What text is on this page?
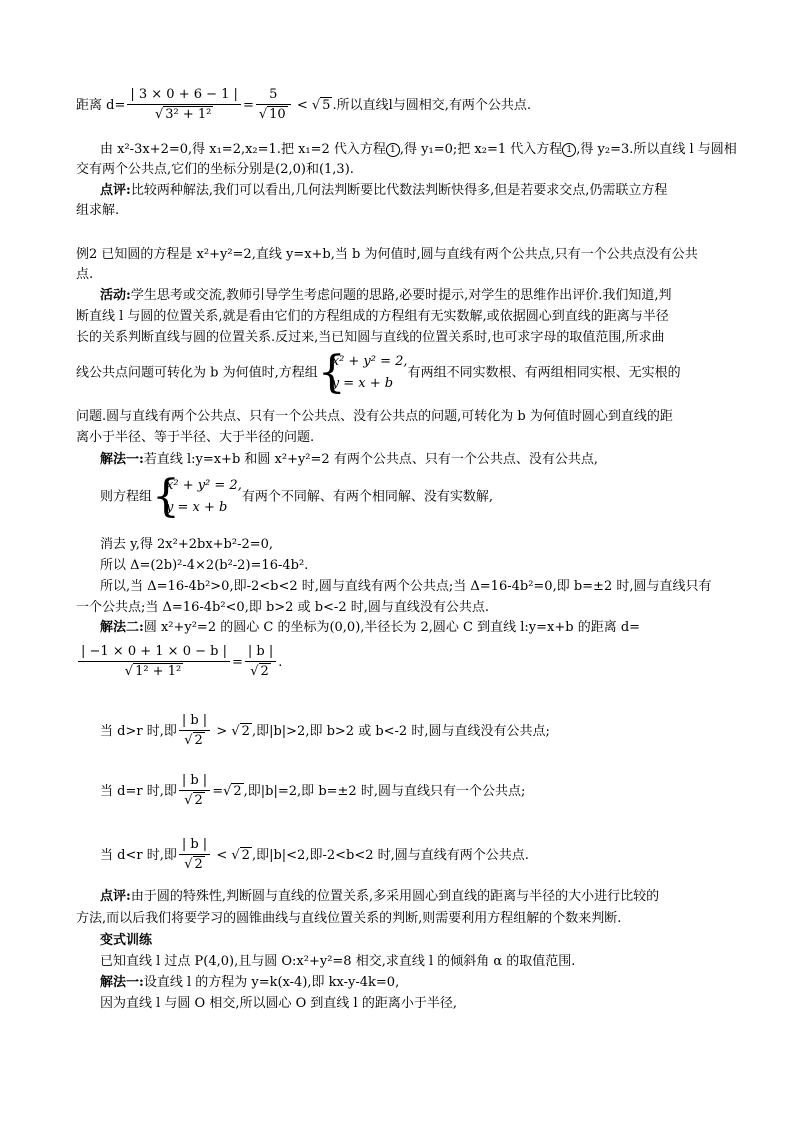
距离 $d= \frac{| 3 \times 0 + 6 - 1 |}{\text{√ 3² + 1²}} = \frac{5}{√ 10}$ < √ 5 .所以直线l与圆相交,有两个公共点.
由 x²-3x+2=0,得 x₁=2,x₂=1.把 x₁=2 代入方程 1 ,得 y₁=0;把 x₂=1 代入方程 1 ,得 y₂=3.所以直线 l 与圆相
交有两个公共点,它们的坐标分别是(2,0)和(1,3).
点评:比较两种解法,我们可以看出,几何法判断要比代数法判断快得多,但是若要求交点,仍需联立方程
组求解.
例2 已知圆的方程是 x²+y²=2,直线 y=x+b,当 b 为何值时,圆与直线有两个公共点,只有一个公共点没有公共
点.
活动:学生思考或交流,教师引导学生考虑问题的思路,必要时提示,对学生的思维作出评价.我们知道,判
断直线 l 与圆的位置关系,就是看由它们的方程组成的方程组有无实数解,或依据圆心到直线的距离与半径
长的关系判断直线与圆的位置关系.反过来,当已知圆与直线的位置关系时,也可求字母的取值范围,所求曲
线公共点问题可转化为 b 为何值时,方程组 {
x² + y² = 2,
y = x + b
有两组不同实数根、有两组相同实根、无实根的
问题.圆与直线有两个公共点、只有一个公共点、没有公共点的问题,可转化为 b 为何值时圆心到直线的距
离小于半径、等于半径、大于半径的问题.
解法一:若直线 l:y=x+b 和圆 x²+y²=2 有两个公共点、只有一个公共点、没有公共点,
则方程组 {
x² + y² = 2,
y = x + b
有两个不同解、有两个相同解、没有实数解,
消去 y,得 2x²+2bx+b²-2=0,
所以 Δ=(2b)²-4×2(b²-2)=16-4b².
所以,当 Δ=16-4b²>0,即-2<b<2 时,圆与直线有两个公共点;当 Δ=16-4b²=0,即 b=±2 时,圆与直线只有
一个公共点;当 Δ=16-4b²<0,即 b>2 或 b<-2 时,圆与直线没有公共点.
解法二:圆 x²+y²=2 的圆心 C 的坐标为(0,0),半径长为 2,圆心 C 到直线 l:y=x+b 的距离 d=
$\frac{| -1 \times 0 + 1 \times 0 - b |}{\text{√ 1² + 1²}} = \frac{| b |}{√ 2}$ .
当 d>r 时,即 $\frac{| b |}{√ 2}$ > √ 2 ,即|b|>2,即 b>2 或 b<-2 时,圆与直线没有公共点;
当 d=r 时,即 $\frac{| b |}{√ 2}$ =√ 2 ,即|b|=2,即 b=±2 时,圆与直线只有一个公共点;
当 d<r 时,即 $\frac{| b |}{√ 2}$ < √ 2 ,即|b|<2,即-2<b<2 时,圆与直线有两个公共点.
点评:由于圆的特殊性,判断圆与直线的位置关系,多采用圆心到直线的距离与半径的大小进行比较的
方法,而以后我们将要学习的圆锥曲线与直线位置关系的判断,则需要利用方程组解的个数来判断.
变式训练
已知直线 l 过点 P(4,0),且与圆 O:x²+y²=8 相交,求直线 l 的倾斜角 α 的取值范围.
解法一:设直线 l 的方程为 y=k(x-4),即 kx-y-4k=0,
因为直线 l 与圆 O 相交,所以圆心 O 到直线 l 的距离小于半径,
